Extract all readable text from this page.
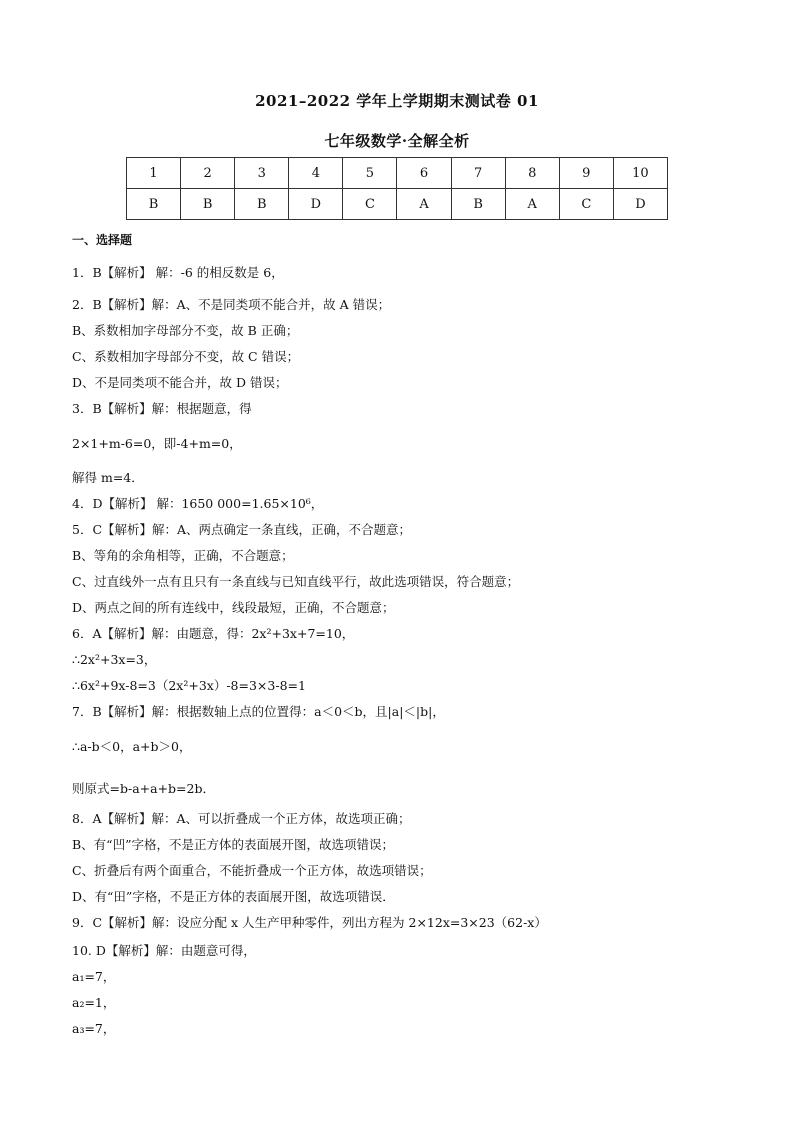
2021–2022 学年上学期期末测试卷 01
七年级数学·全解全析
1	2	3	4	5	6	7	8	9	10
B	B	B	D	C	A	B	A	C	D
一、选择题
1．B【解析】 解：-6 的相反数是 6，
2．B【解析】解：A、不是同类项不能合并，故 A 错误；
B、系数相加字母部分不变，故 B 正确；
C、系数相加字母部分不变，故 C 错误；
D、不是同类项不能合并，故 D 错误；
3．B【解析】解：根据题意，得
2×1+m-6=0，即-4+m=0，
解得 m=4．
4．D【解析】 解：1650 000=1.65×10⁶，
5．C【解析】解：A、两点确定一条直线，正确，不合题意；
B、等角的余角相等，正确，不合题意；
C、过直线外一点有且只有一条直线与已知直线平行，故此选项错误，符合题意；
D、两点之间的所有连线中，线段最短，正确，不合题意；
6．A【解析】解：由题意，得：2x²+3x+7=10，
∴2x²+3x=3，
∴6x²+9x-8=3（2x²+3x）-8=3×3-8=1
7．B【解析】解：根据数轴上点的位置得：a＜0＜b，且|a|＜|b|，
∴a-b＜0，a+b＞0，
则原式=b-a+a+b=2b．
8．A【解析】解：A、可以折叠成一个正方体，故选项正确；
B、有“凹”字格，不是正方体的表面展开图，故选项错误；
C、折叠后有两个面重合，不能折叠成一个正方体，故选项错误；
D、有“田”字格，不是正方体的表面展开图，故选项错误．
9．C【解析】解：设应分配 x 人生产甲种零件，列出方程为 2×12x=3×23（62-x）
10. D【解析】解：由题意可得，
a₁=7，
a₂=1，
a₃=7，
